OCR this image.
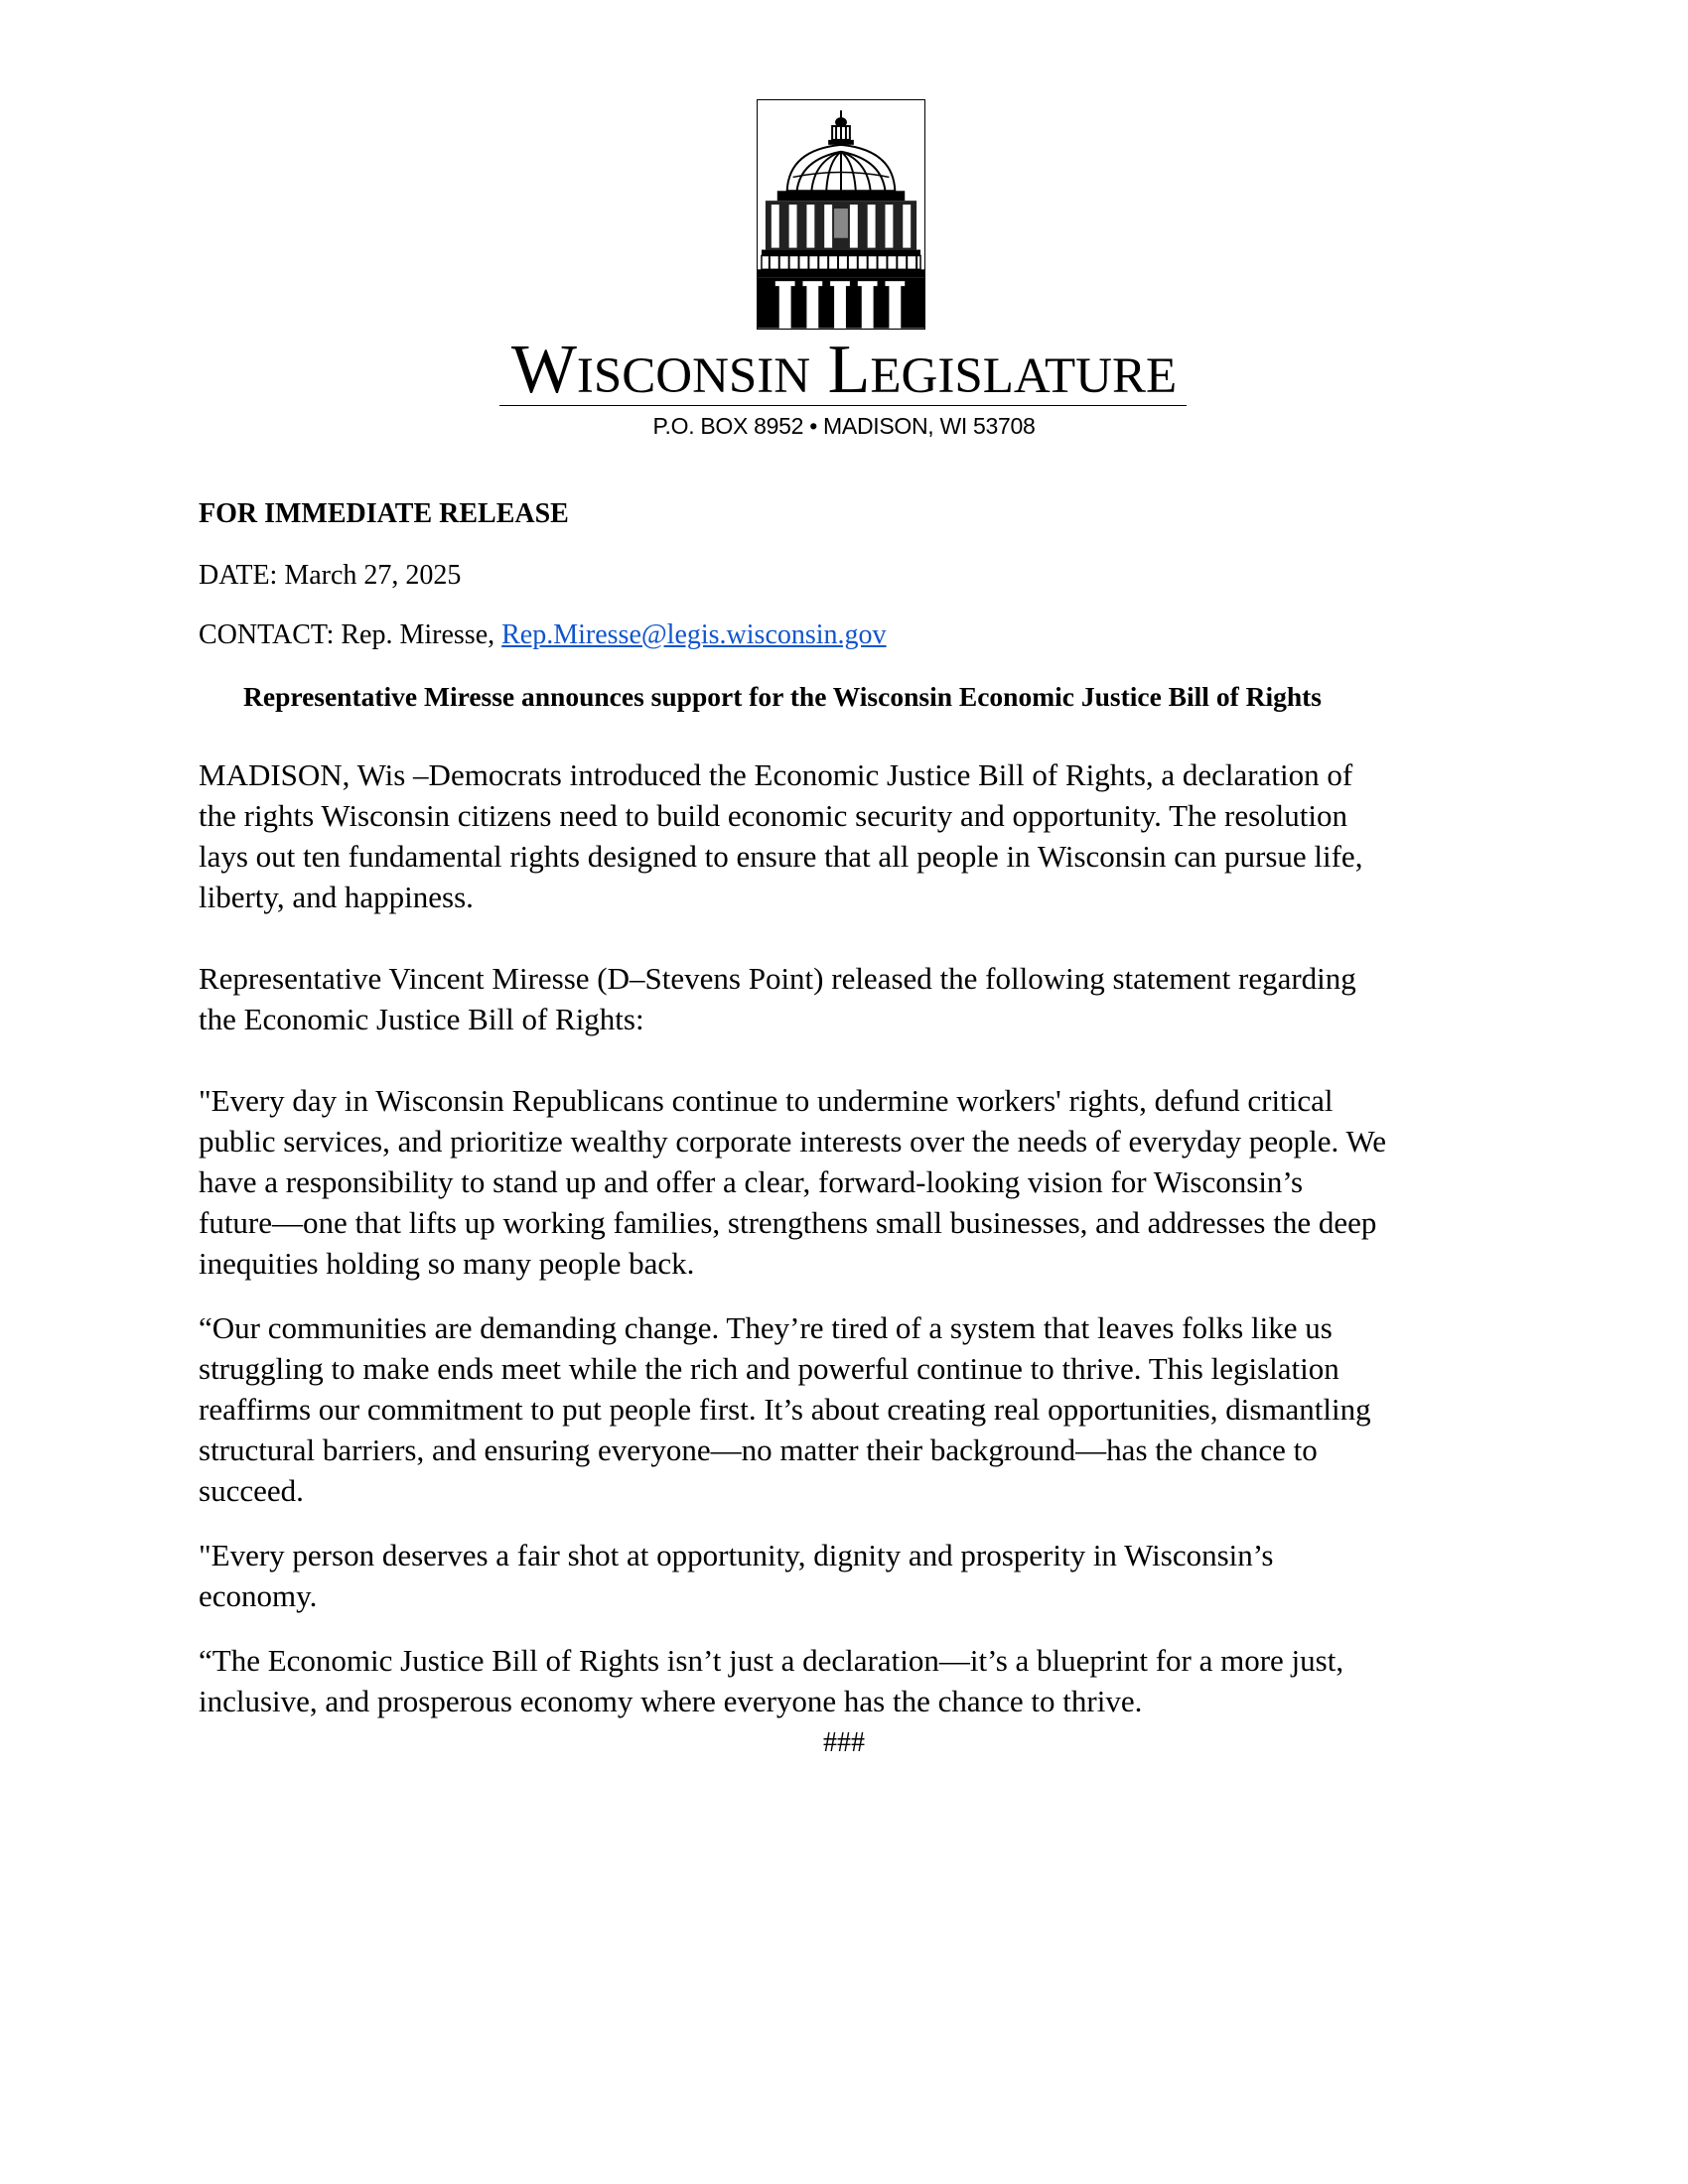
WISCONSIN LEGISLATURE
P.O. BOX 8952 • MADISON, WI 53708
FOR IMMEDIATE RELEASE
DATE: March 27, 2025
CONTACT: Rep. Miresse, Rep.Miresse@legis.wisconsin.gov
Representative Miresse announces support for the Wisconsin Economic Justice Bill of Rights

MADISON, Wis –Democrats introduced the Economic Justice Bill of Rights, a declaration of
the rights Wisconsin citizens need to build economic security and opportunity. The resolution
lays out ten fundamental rights designed to ensure that all people in Wisconsin can pursue life,
liberty, and happiness.

Representative Vincent Miresse (D–Stevens Point) released the following statement regarding
the Economic Justice Bill of Rights:

"Every day in Wisconsin Republicans continue to undermine workers' rights, defund critical
public services, and prioritize wealthy corporate interests over the needs of everyday people. We
have a responsibility to stand up and offer a clear, forward-looking vision for Wisconsin’s
future—one that lifts up working families, strengthens small businesses, and addresses the deep
inequities holding so many people back.

“Our communities are demanding change. They’re tired of a system that leaves folks like us
struggling to make ends meet while the rich and powerful continue to thrive. This legislation
reaffirms our commitment to put people first. It’s about creating real opportunities, dismantling
structural barriers, and ensuring everyone—no matter their background—has the chance to
succeed.

"Every person deserves a fair shot at opportunity, dignity and prosperity in Wisconsin’s
economy.

“The Economic Justice Bill of Rights isn’t just a declaration—it’s a blueprint for a more just,
inclusive, and prosperous economy where everyone has the chance to thrive.

###
